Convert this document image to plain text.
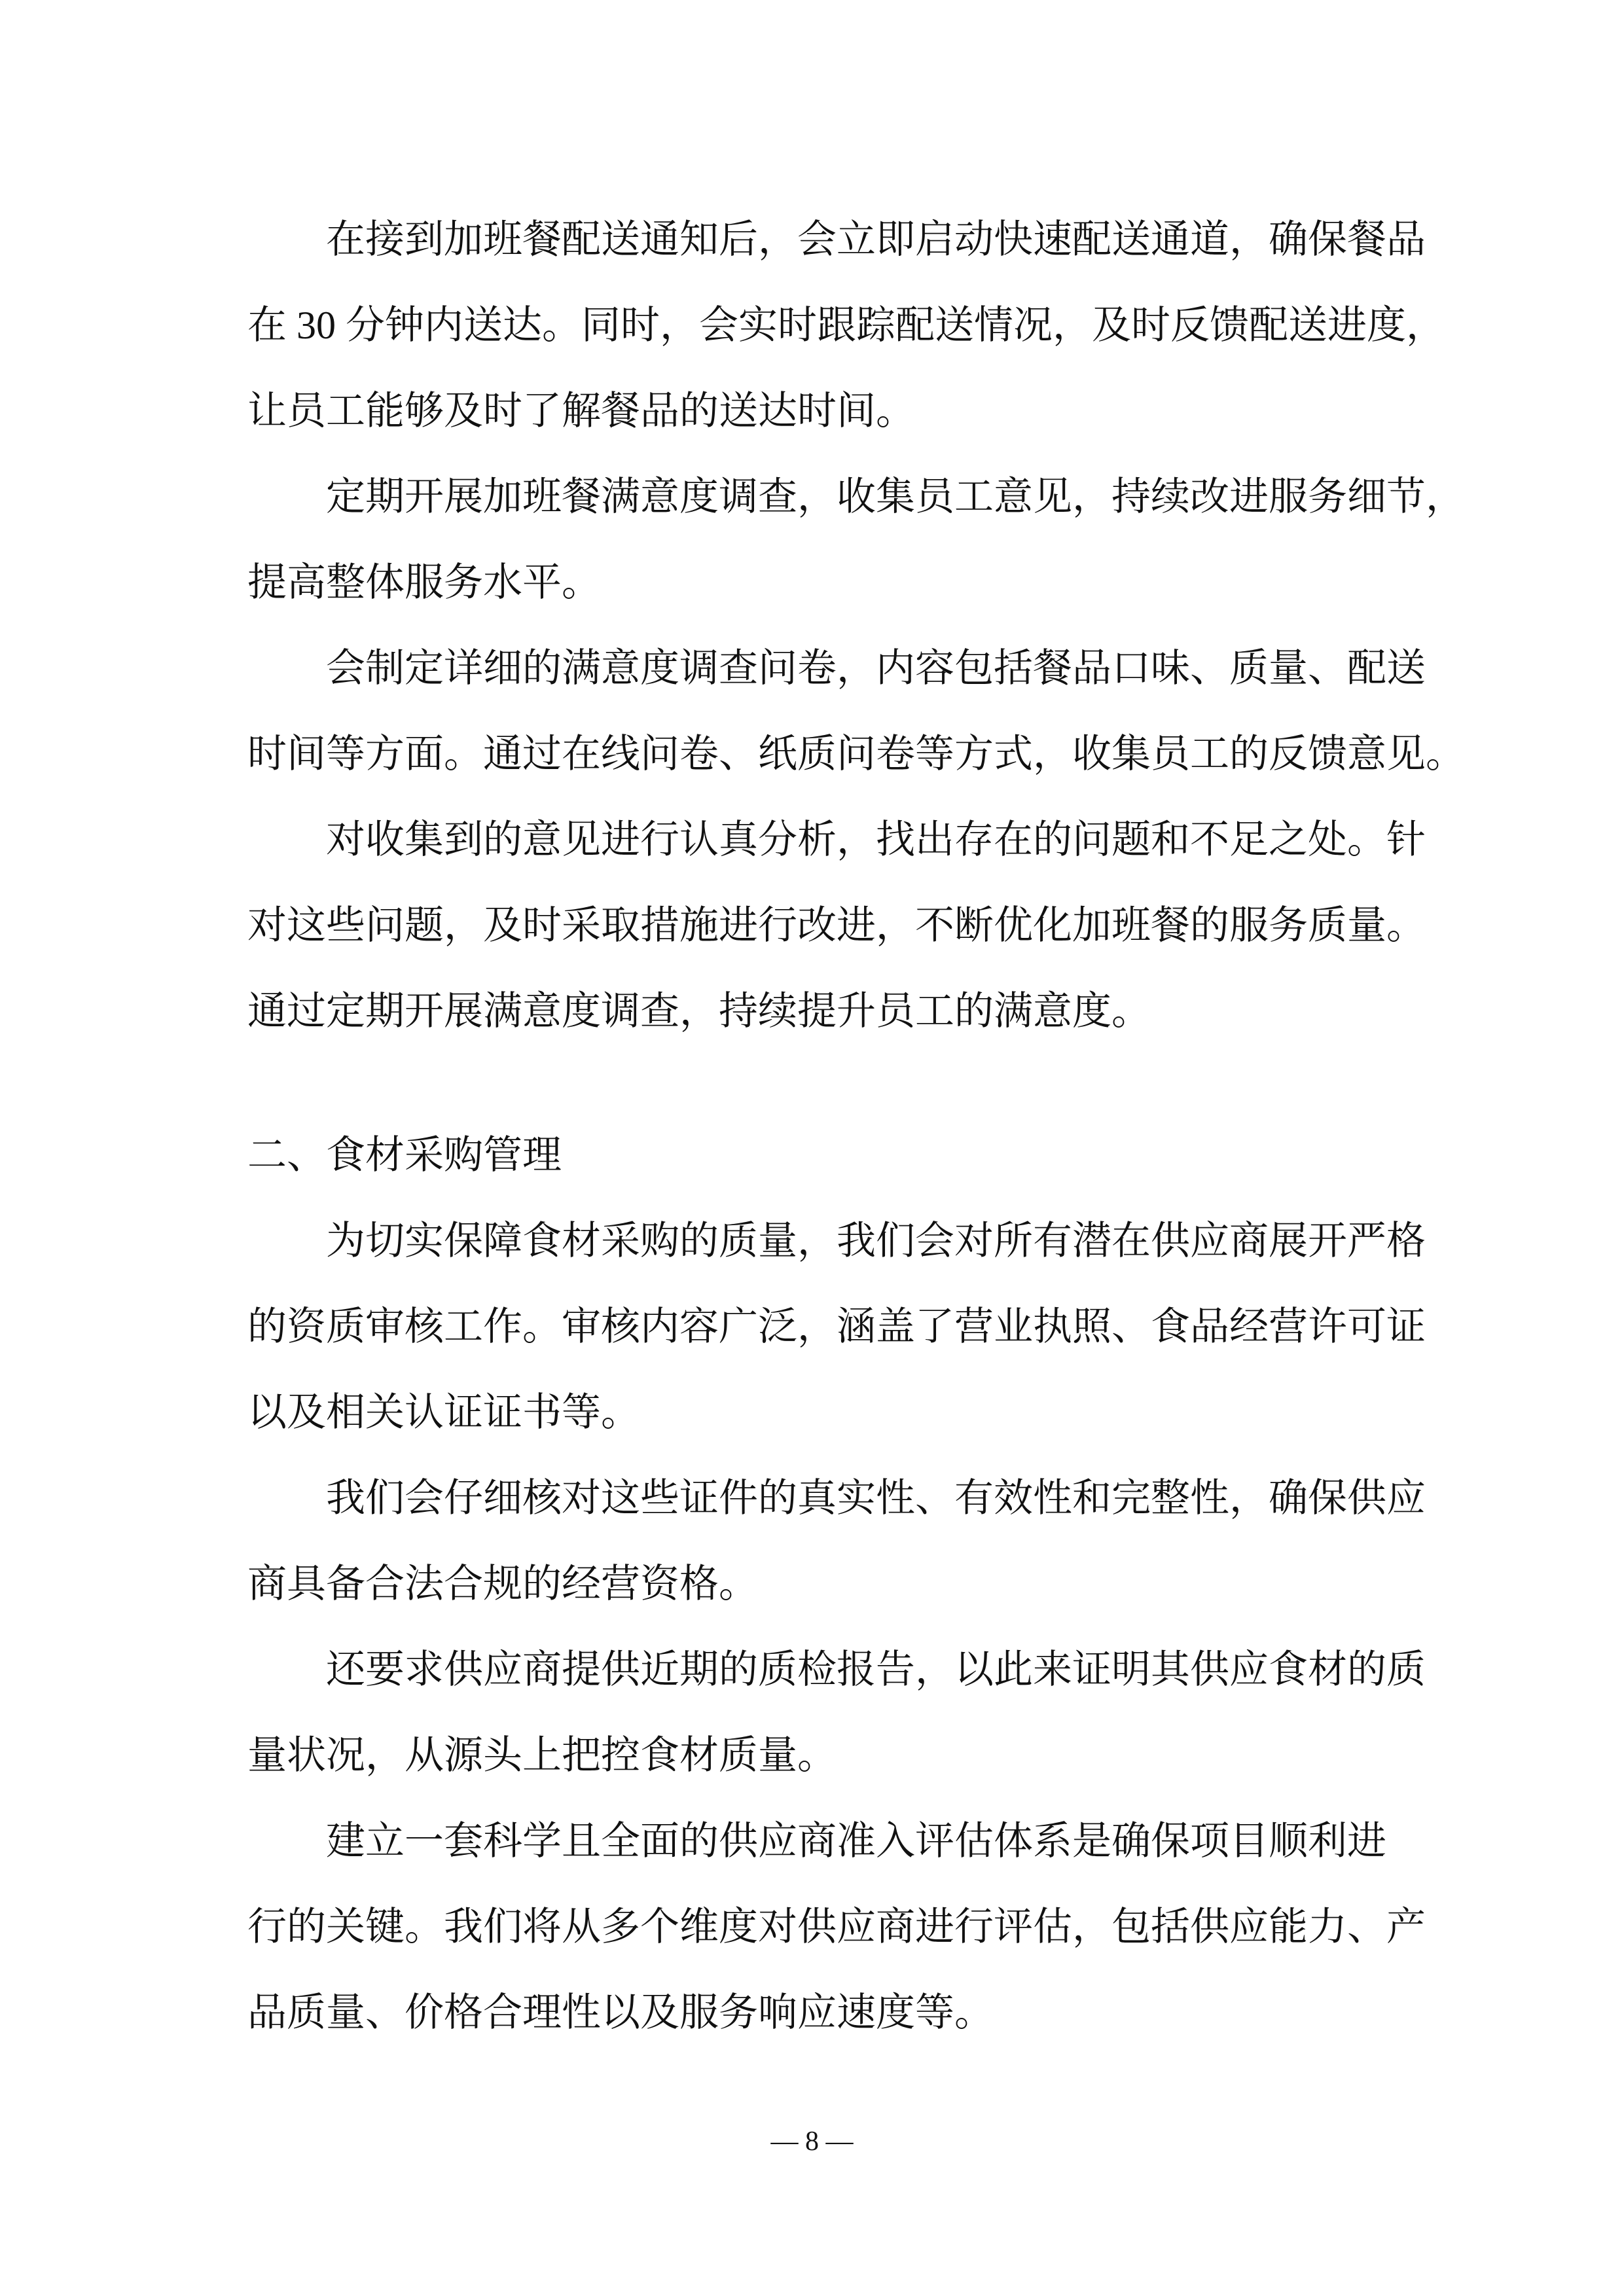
在接到加班餐配送通知后，会立即启动快速配送通道，确保餐品
在 30 分钟内送达。同时，会实时跟踪配送情况，及时反馈配送进度，
让员工能够及时了解餐品的送达时间。
定期开展加班餐满意度调查，收集员工意见，持续改进服务细节，
提高整体服务水平。
会制定详细的满意度调查问卷，内容包括餐品口味、质量、配送
时间等方面。通过在线问卷、纸质问卷等方式，收集员工的反馈意见。
对收集到的意见进行认真分析，找出存在的问题和不足之处。针
对这些问题，及时采取措施进行改进，不断优化加班餐的服务质量。
通过定期开展满意度调查，持续提升员工的满意度。
二、食材采购管理
为切实保障食材采购的质量，我们会对所有潜在供应商展开严格
的资质审核工作。审核内容广泛，涵盖了营业执照、食品经营许可证
以及相关认证证书等。
我们会仔细核对这些证件的真实性、有效性和完整性，确保供应
商具备合法合规的经营资格。
还要求供应商提供近期的质检报告，以此来证明其供应食材的质
量状况，从源头上把控食材质量。
建立一套科学且全面的供应商准入评估体系是确保项目顺利进
行的关键。我们将从多个维度对供应商进行评估，包括供应能力、产
品质量、价格合理性以及服务响应速度等。
— 8 —
